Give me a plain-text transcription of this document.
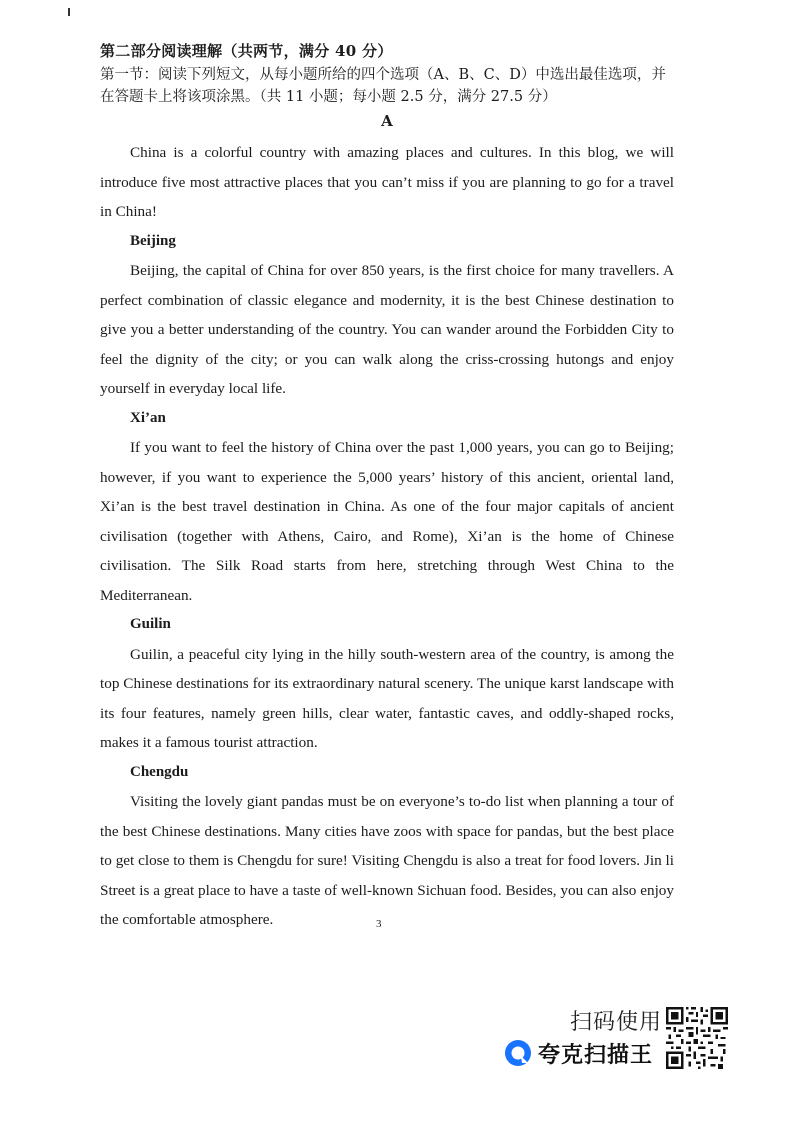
第二部分阅读理解（共两节，满分 40 分）
第一节：阅读下列短文，从每小题所给的四个选项（A、B、C、D）中选出最佳选项，并在答题卡上将该项涂黑。（共 11 小题；每小题 2.5 分，满分 27.5 分）
A

China is a colorful country with amazing places and cultures. In this blog, we will introduce five most attractive places that you can’t miss if you are planning to go for a travel in China!

Beijing

Beijing, the capital of China for over 850 years, is the first choice for many travellers. A perfect combination of classic elegance and modernity, it is the best Chinese destination to give you a better understanding of the country. You can wander around the Forbidden City to feel the dignity of the city; or you can walk along the criss-crossing hutongs and enjoy yourself in everyday local life.

Xi’an

If you want to feel the history of China over the past 1,000 years, you can go to Beijing; however, if you want to experience the 5,000 years’ history of this ancient, oriental land, Xi’an is the best travel destination in China. As one of the four major capitals of ancient civilisation (together with Athens, Cairo, and Rome), Xi’an is the home of Chinese civilisation. The Silk Road starts from here, stretching through West China to the Mediterranean.

Guilin

Guilin, a peaceful city lying in the hilly south-western area of the country, is among the top Chinese destinations for its extraordinary natural scenery. The unique karst landscape with its four features, namely green hills, clear water, fantastic caves, and oddly-shaped rocks, makes it a famous tourist attraction.

Chengdu

Visiting the lovely giant pandas must be on everyone’s to-do list when planning a tour of the best Chinese destinations. Many cities have zoos with space for pandas, but the best place to get close to them is Chengdu for sure! Visiting Chengdu is also a treat for food lovers. Jin li Street is a great place to have a taste of well-known Sichuan food. Besides, you can also enjoy the comfortable atmosphere.	3
扫码使用
夸克扫描王
